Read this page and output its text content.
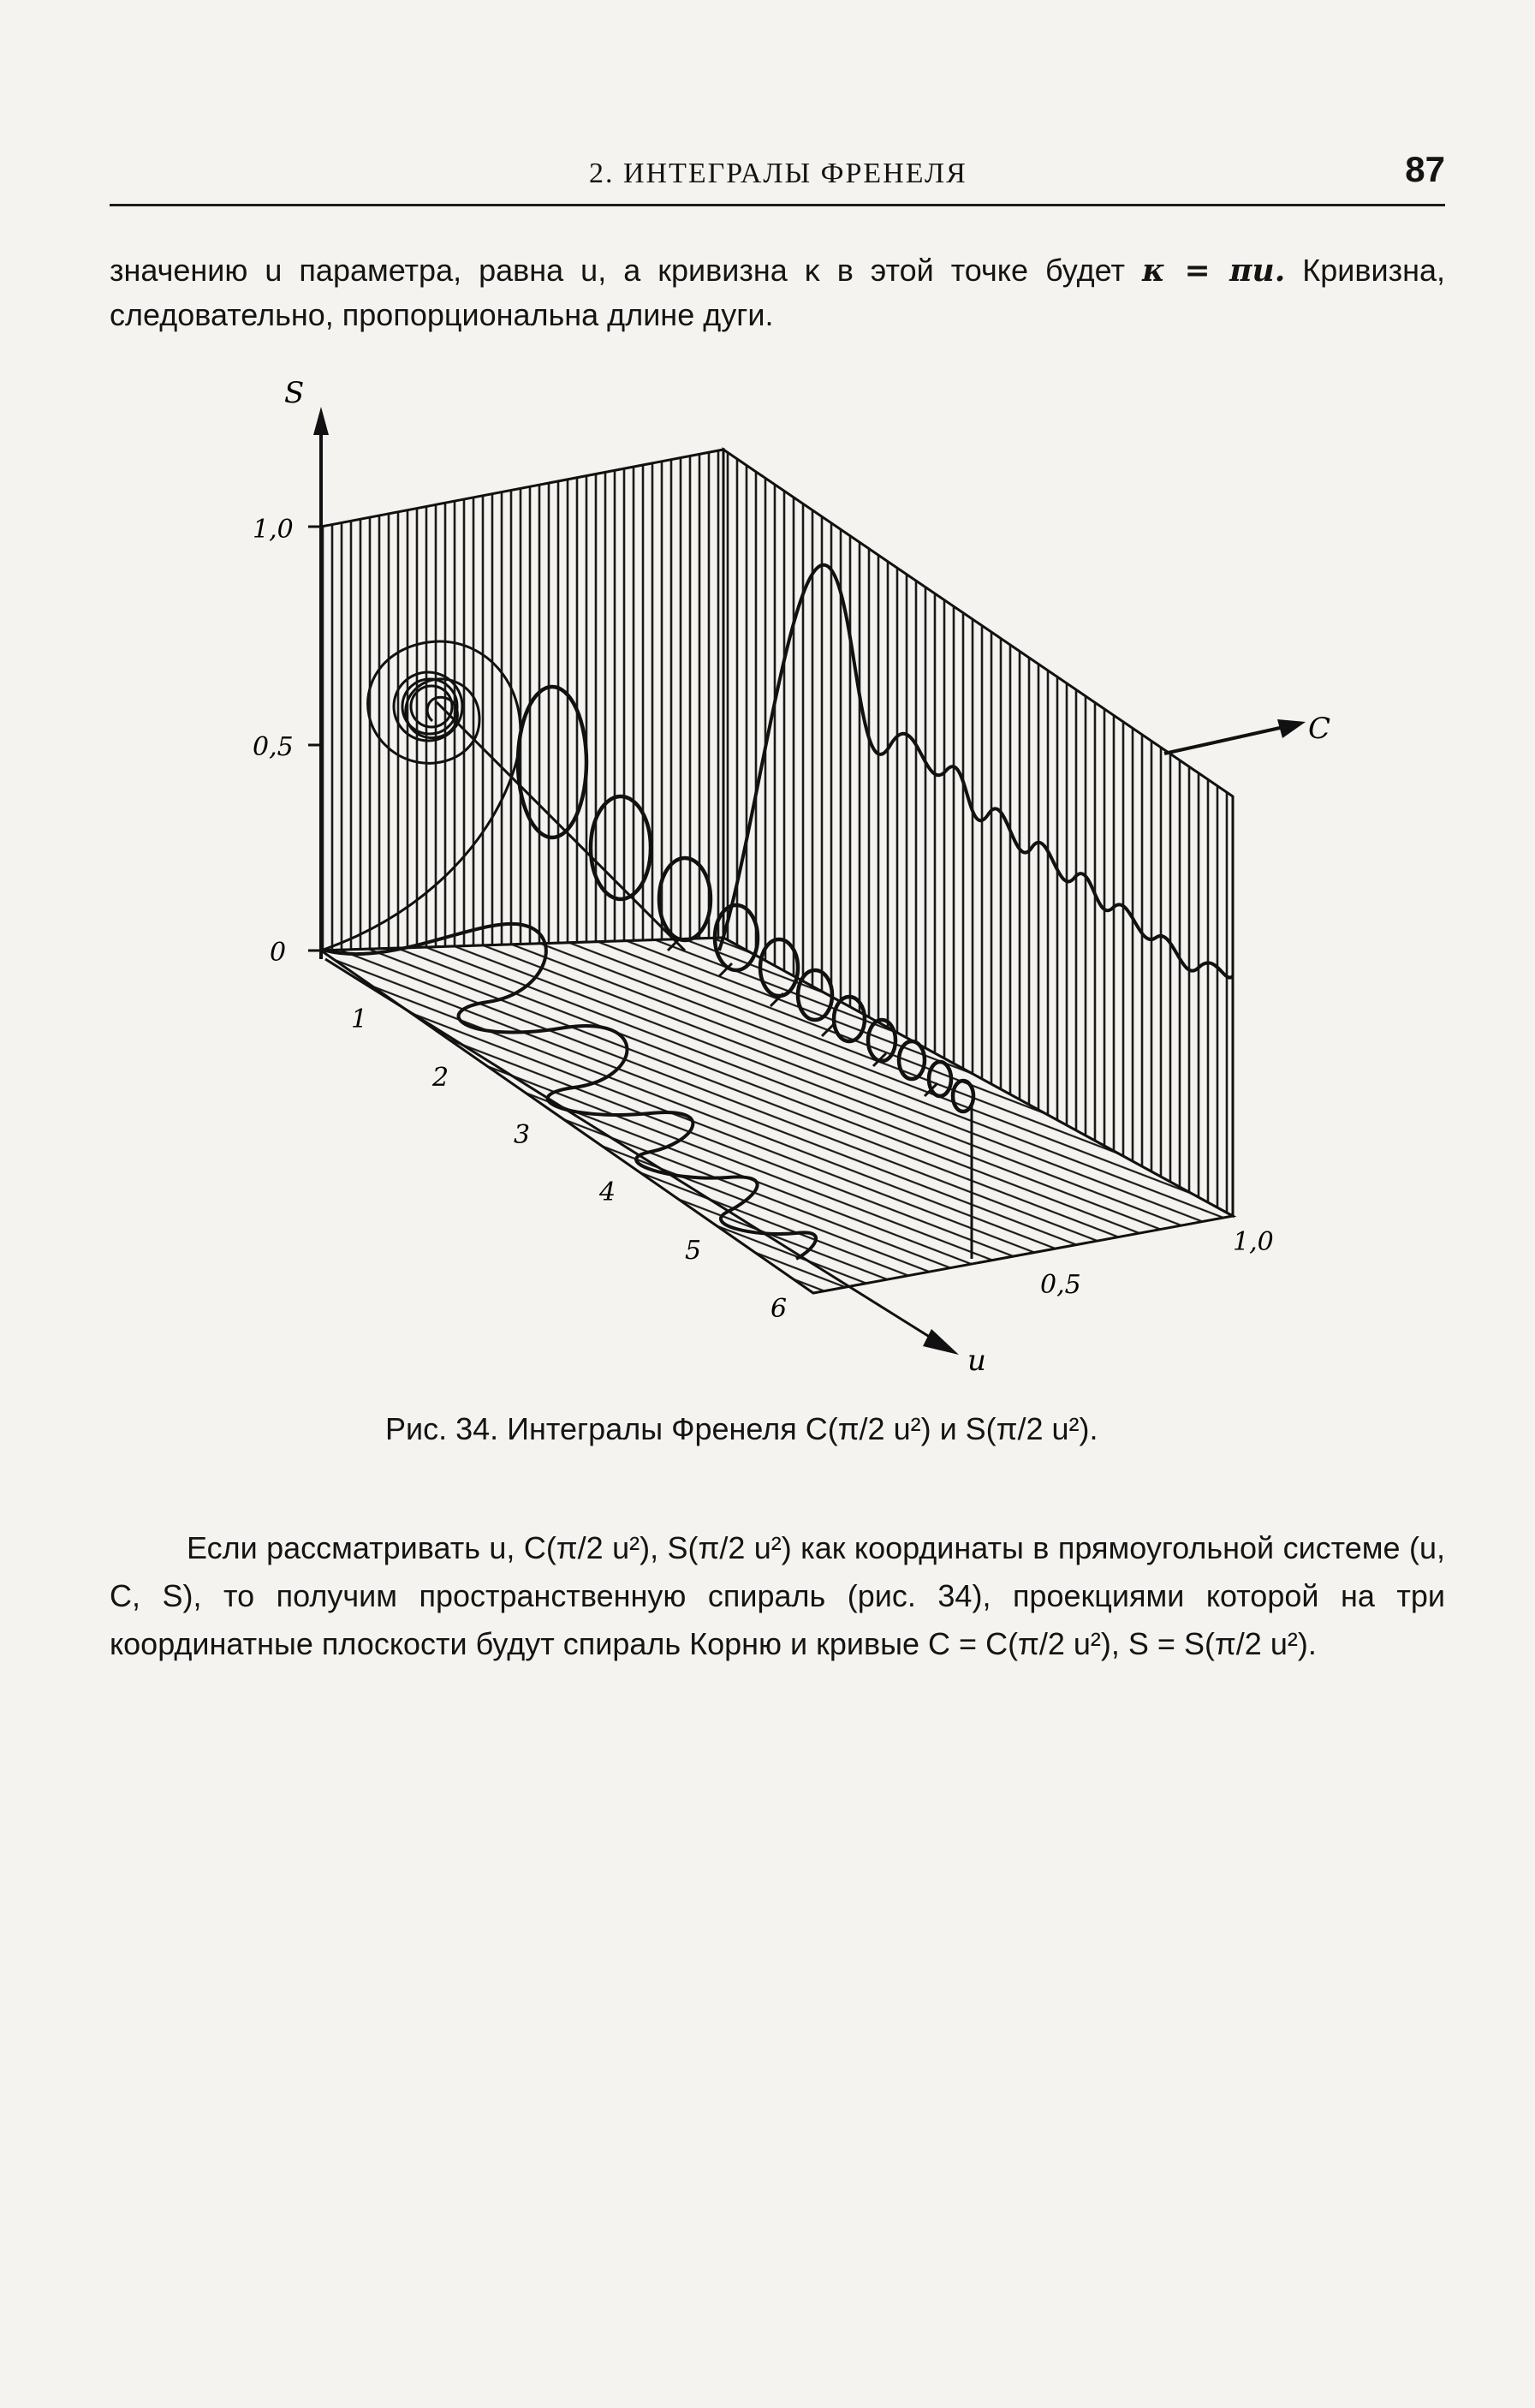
2. ИНТЕГРАЛЫ ФРЕНЕЛЯ	87
значению u параметра, равна u, а кривизна κ в этой точке будет κ = πu. Кривизна, следовательно, пропорциональна длине дуги.
S
1,0
0,5
0
u
1
2
3
4
5
6
C
0,5
1,0
Рис. 34. Интегралы Френеля C(π/2 u²) и S(π/2 u²).
Если рассматривать u, C(π/2 u²), S(π/2 u²) как координаты в прямоугольной системе (u, C, S), то получим пространственную спираль (рис. 34), проекциями которой на три координатные плоскости будут спираль Корню и кривые C = C(π/2 u²), S = S(π/2 u²).
